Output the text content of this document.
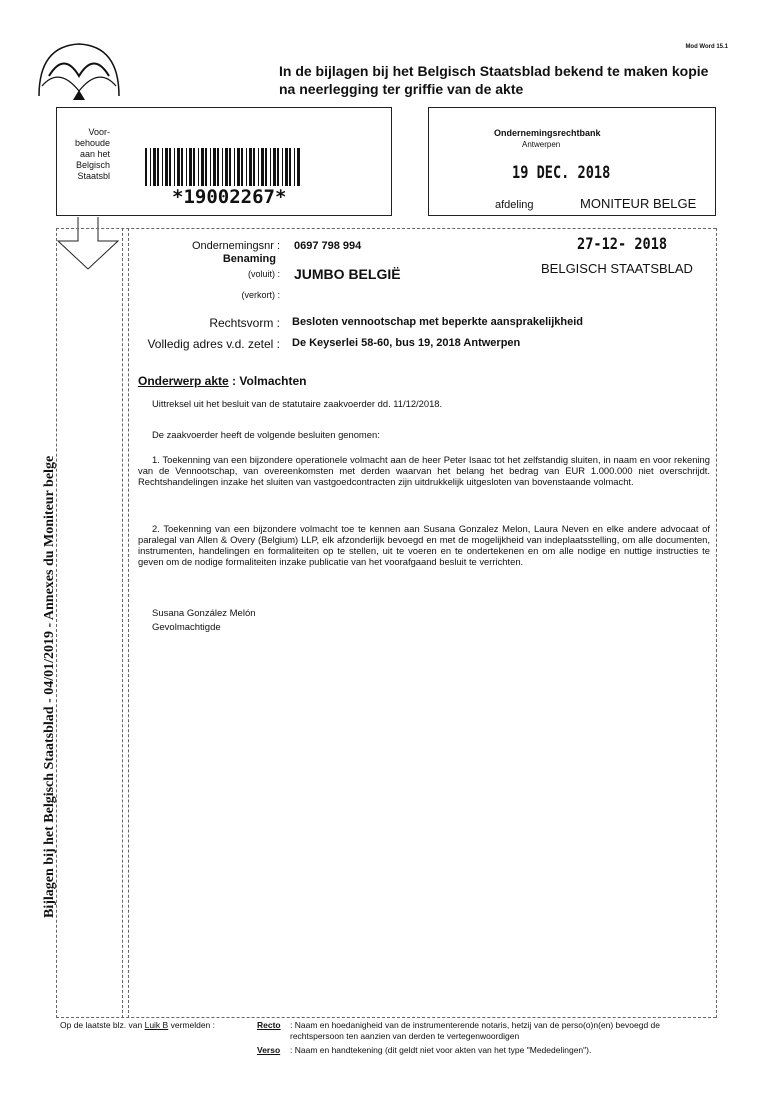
Mod Word 15.1
In de bijlagen bij het Belgisch Staatsblad bekend te maken kopie na neerlegging ter griffie van de akte
Voor-
behoude
aan het
Belgisch
Staatsbl
*19002267*
Ondernemingsrechtbank
Antwerpen
19 DEC. 2018
afdeling	MONITEUR BELGE
27-12- 2018
BELGISCH STAATSBLAD
Ondernemingsnr : 0697 798 994
Benaming
(voluit) : JUMBO BELGIË
(verkort) :
Rechtsvorm : Besloten vennootschap met beperkte aansprakelijkheid
Volledig adres v.d. zetel : De Keyserlei 58-60, bus 19, 2018 Antwerpen
Onderwerp akte : Volmachten
Uittreksel uit het besluit van de statutaire zaakvoerder dd. 11/12/2018.
De zaakvoerder heeft de volgende besluiten genomen:
1. Toekenning van een bijzondere operationele volmacht aan de heer Peter Isaac tot het zelfstandig sluiten, in naam en voor rekening van de Vennootschap, van overeenkomsten met derden waarvan het belang het bedrag van EUR 1.000.000 niet overschrijdt. Rechtshandelingen inzake het sluiten van vastgoedcontracten zijn uitdrukkelijk uitgesloten van bovenstaande volmacht.
2. Toekenning van een bijzondere volmacht toe te kennen aan Susana Gonzalez Melon, Laura Neven en elke andere advocaat of paralegal van Allen & Overy (Belgium) LLP, elk afzonderlijk bevoegd en met de mogelijkheid van indeplaatsstelling, om alle documenten, instrumenten, handelingen en formaliteiten op te stellen, uit te voeren en te ondertekenen en om alle nodige en nuttige instructies te geven om de nodige formaliteiten inzake publicatie van het voorafgaand besluit te verrichten.
Susana González Melón
Gevolmachtigde
Bijlagen bij het Belgisch Staatsblad - 04/01/2019 - Annexes du Moniteur belge
Op de laatste blz. van Luik B vermelden :	Recto : Naam en hoedanigheid van de instrumenterende notaris, hetzij van de perso(o)n(en) bevoegd de rechtspersoon ten aanzien van derden te vertegenwoordigen
Verso : Naam en handtekening (dit geldt niet voor akten van het type "Mededelingen").
